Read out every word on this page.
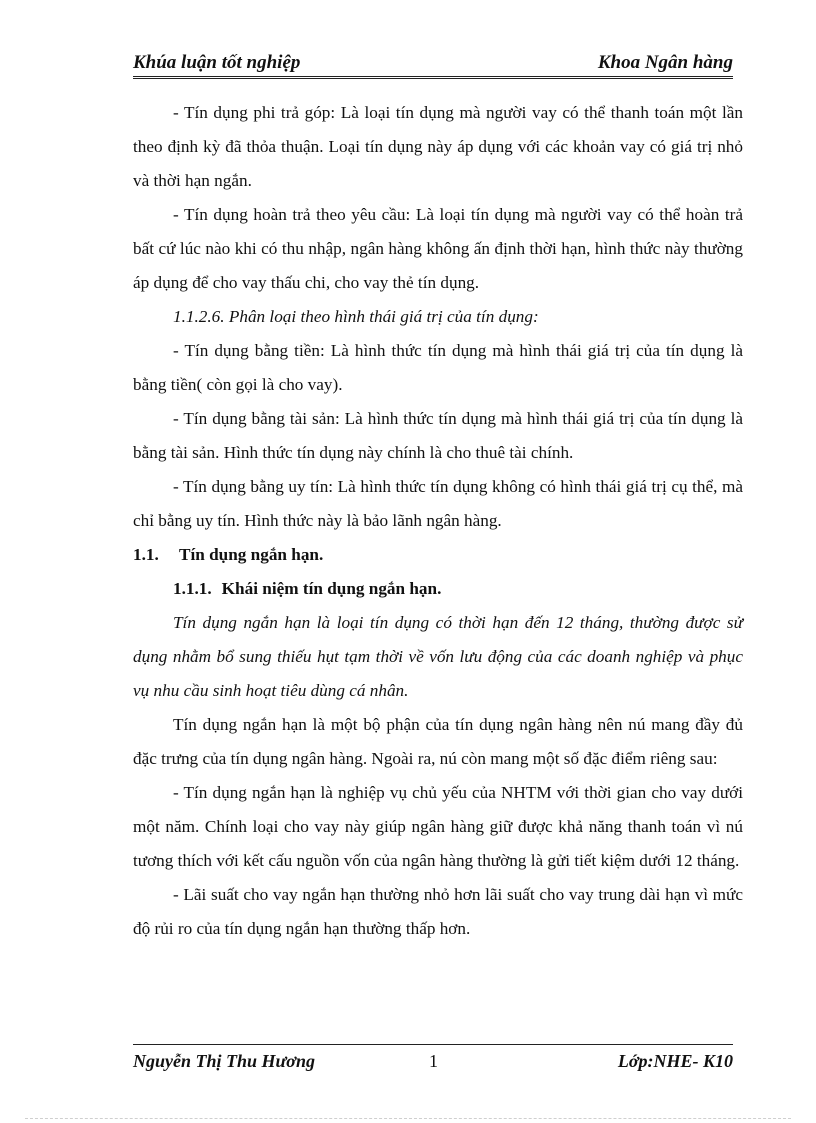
Khúa luận tốt nghiệp	Khoa Ngân hàng

- Tín dụng phi trả góp: Là loại tín dụng mà người vay có thể thanh toán một lần theo định kỳ đã thỏa thuận. Loại tín dụng này áp dụng với các khoản vay có giá trị nhỏ và thời hạn ngắn.

- Tín dụng hoàn trả theo yêu cầu: Là loại tín dụng mà người vay có thể hoàn trả bất cứ lúc nào khi có thu nhập, ngân hàng không ấn định thời hạn, hình thức này thường áp dụng để cho vay thấu chi, cho vay thẻ tín dụng.

1.1.2.6. Phân loại theo hình thái giá trị của tín dụng:

- Tín dụng bằng tiền: Là hình thức tín dụng mà hình thái giá trị của tín dụng là bằng tiền( còn gọi là cho vay).

- Tín dụng bằng tài sản: Là hình thức tín dụng mà hình thái giá trị của tín dụng là bằng tài sản. Hình thức tín dụng này chính là cho thuê tài chính.

- Tín dụng bằng uy tín: Là hình thức tín dụng không có hình thái giá trị cụ thể, mà chỉ bằng uy tín. Hình thức này là bảo lãnh ngân hàng.

1.1. Tín dụng ngắn hạn.

1.1.1. Khái niệm tín dụng ngắn hạn.

Tín dụng ngắn hạn là loại tín dụng có thời hạn đến 12 tháng, thường được sử dụng nhằm bổ sung thiếu hụt tạm thời về vốn lưu động của các doanh nghiệp và phục vụ nhu cầu sinh hoạt tiêu dùng cá nhân.

Tín dụng ngắn hạn là một bộ phận của tín dụng ngân hàng nên nú mang đầy đủ đặc trưng của tín dụng ngân hàng. Ngoài ra, nú còn mang một số đặc điểm riêng sau:

- Tín dụng ngắn hạn là nghiệp vụ chủ yếu của NHTM với thời gian cho vay dưới một năm. Chính loại cho vay này giúp ngân hàng giữ được khả năng thanh toán vì nú tương thích với kết cấu nguồn vốn của ngân hàng thường là gửi tiết kiệm dưới 12 tháng.

- Lãi suất cho vay ngắn hạn thường nhỏ hơn lãi suất cho vay trung dài hạn vì mức độ rủi ro của tín dụng ngắn hạn thường thấp hơn.

Nguyễn Thị Thu Hương	1	Lớp:NHE- K10
